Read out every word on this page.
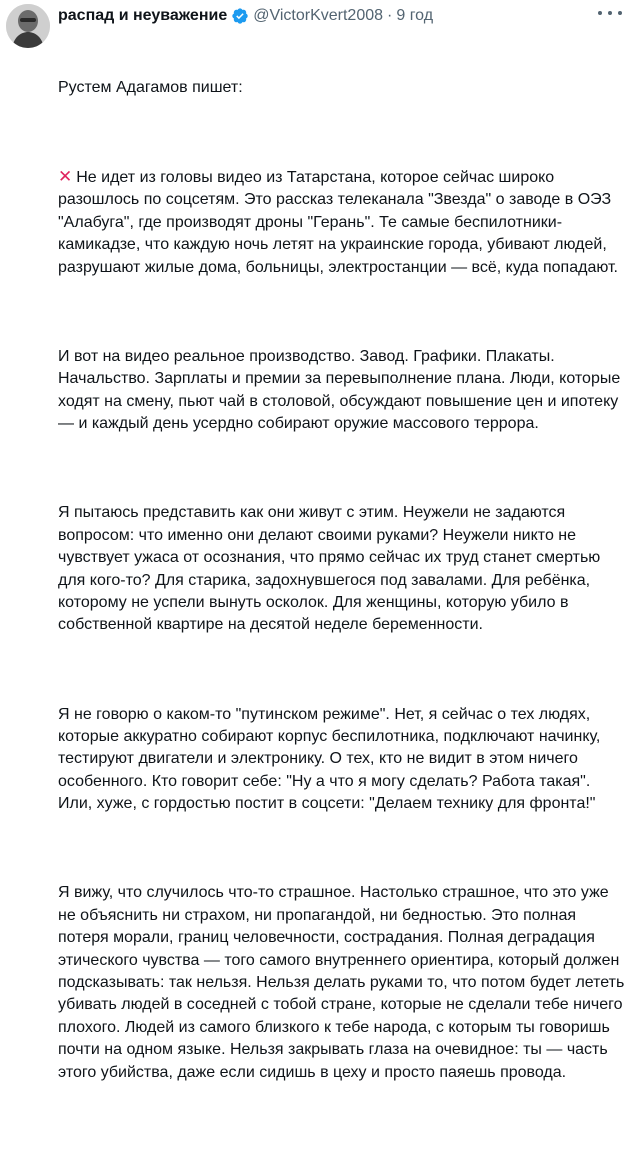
распад и неуважение @VictorKvert2008 · 9 год

Рустем Адагамов пишет:

✕ Не идет из головы видео из Татарстана, которое сейчас широко разошлось по соцсетям. Это рассказ телеканала "Звезда" о заводе в ОЭЗ "Алабуга", где производят дроны "Герань". Те самые беспилотники-камикадзе, что каждую ночь летят на украинские города, убивают людей, разрушают жилые дома, больницы, электростанции — всё, куда попадают.

И вот на видео реальное производство. Завод. Графики. Плакаты. Начальство. Зарплаты и премии за перевыполнение плана. Люди, которые ходят на смену, пьют чай в столовой, обсуждают повышение цен и ипотеку — и каждый день усердно собирают оружие массового террора.

Я пытаюсь представить как они живут с этим. Неужели не задаются вопросом: что именно они делают своими руками? Неужели никто не чувствует ужаса от осознания, что прямо сейчас их труд станет смертью для кого-то? Для старика, задохнувшегося под завалами. Для ребёнка, которому не успели вынуть осколок. Для женщины, которую убило в собственной квартире на десятой неделе беременности.

Я не говорю о каком-то "путинском режиме". Нет, я сейчас о тех людях, которые аккуратно собирают корпус беспилотника, подключают начинку, тестируют двигатели и электронику. О тех, кто не видит в этом ничего особенного. Кто говорит себе: "Ну а что я могу сделать? Работа такая". Или, хуже, с гордостью постит в соцсети: "Делаем технику для фронта!"

Я вижу, что случилось что-то страшное. Настолько страшное, что это уже не объяснить ни страхом, ни пропагандой, ни бедностью. Это полная потеря морали, границ человечности, сострадания. Полная деградация этического чувства — того самого внутреннего ориентира, который должен подсказывать: так нельзя. Нельзя делать руками то, что потом будет лететь убивать людей в соседней с тобой стране, которые не сделали тебе ничего плохого. Людей из самого близкого к тебе народа, с которым ты говоришь почти на одном языке. Нельзя закрывать глаза на очевидное: ты — часть этого убийства, даже если сидишь в цеху и просто паяешь провода.
